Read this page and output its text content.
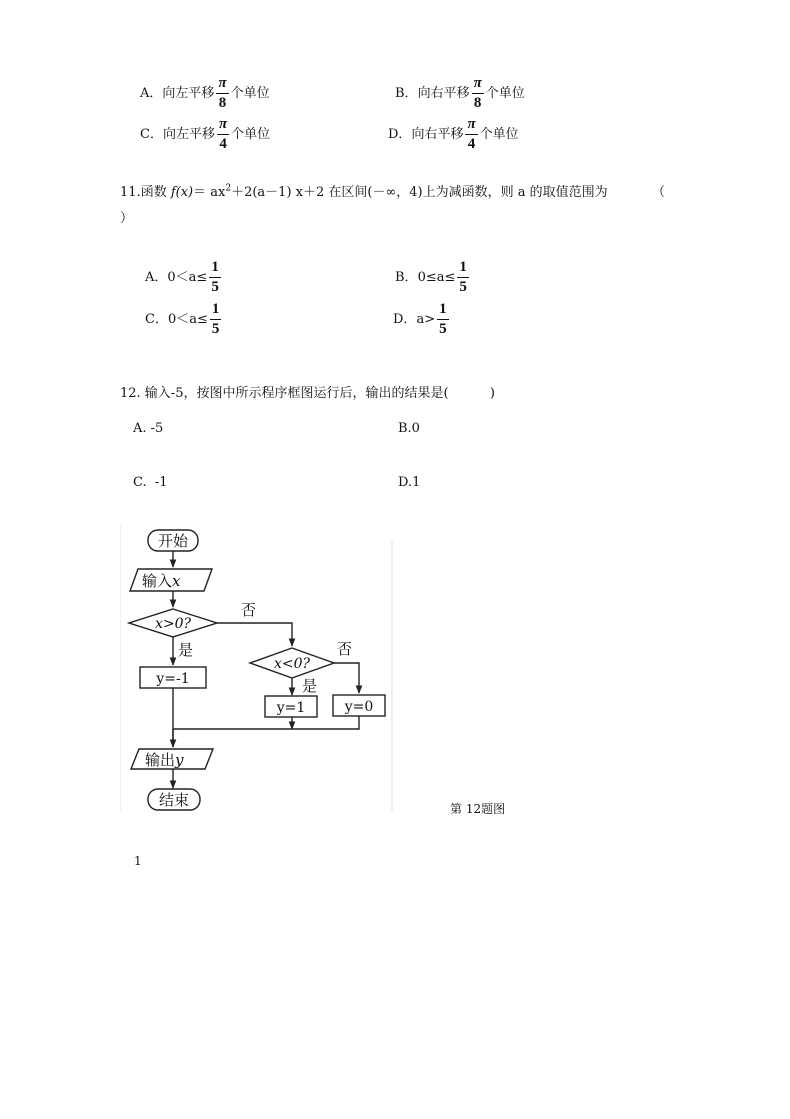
A．向左平移 $\frac{\pi}{8}$ 个单位	B．向右平移 $\frac{\pi}{8}$ 个单位
C．向左平移 $\frac{\pi}{4}$ 个单位	D．向右平移 $\frac{\pi}{4}$ 个单位
11.函数 $f(x)= ax^2+2(a-1)$ x＋2 在区间(－∞，4)上为减函数，则 a 的取值范围为	（
）
A．$0<a\le \frac{1}{5}$	B．$0\le a\le \frac{1}{5}$
C．$0<a\le \frac{1}{5}$	D．$a> \frac{1}{5}$
12. 输入-5，按图中所示程序框图运行后，输出的结果是(          )
A. -5	B.0
C.  -1	D.1
开始
输入x
x>0?
否
是
y=-1
x<0?
否
是
y=1	y=0
输出y
结束	第 12题图
1
